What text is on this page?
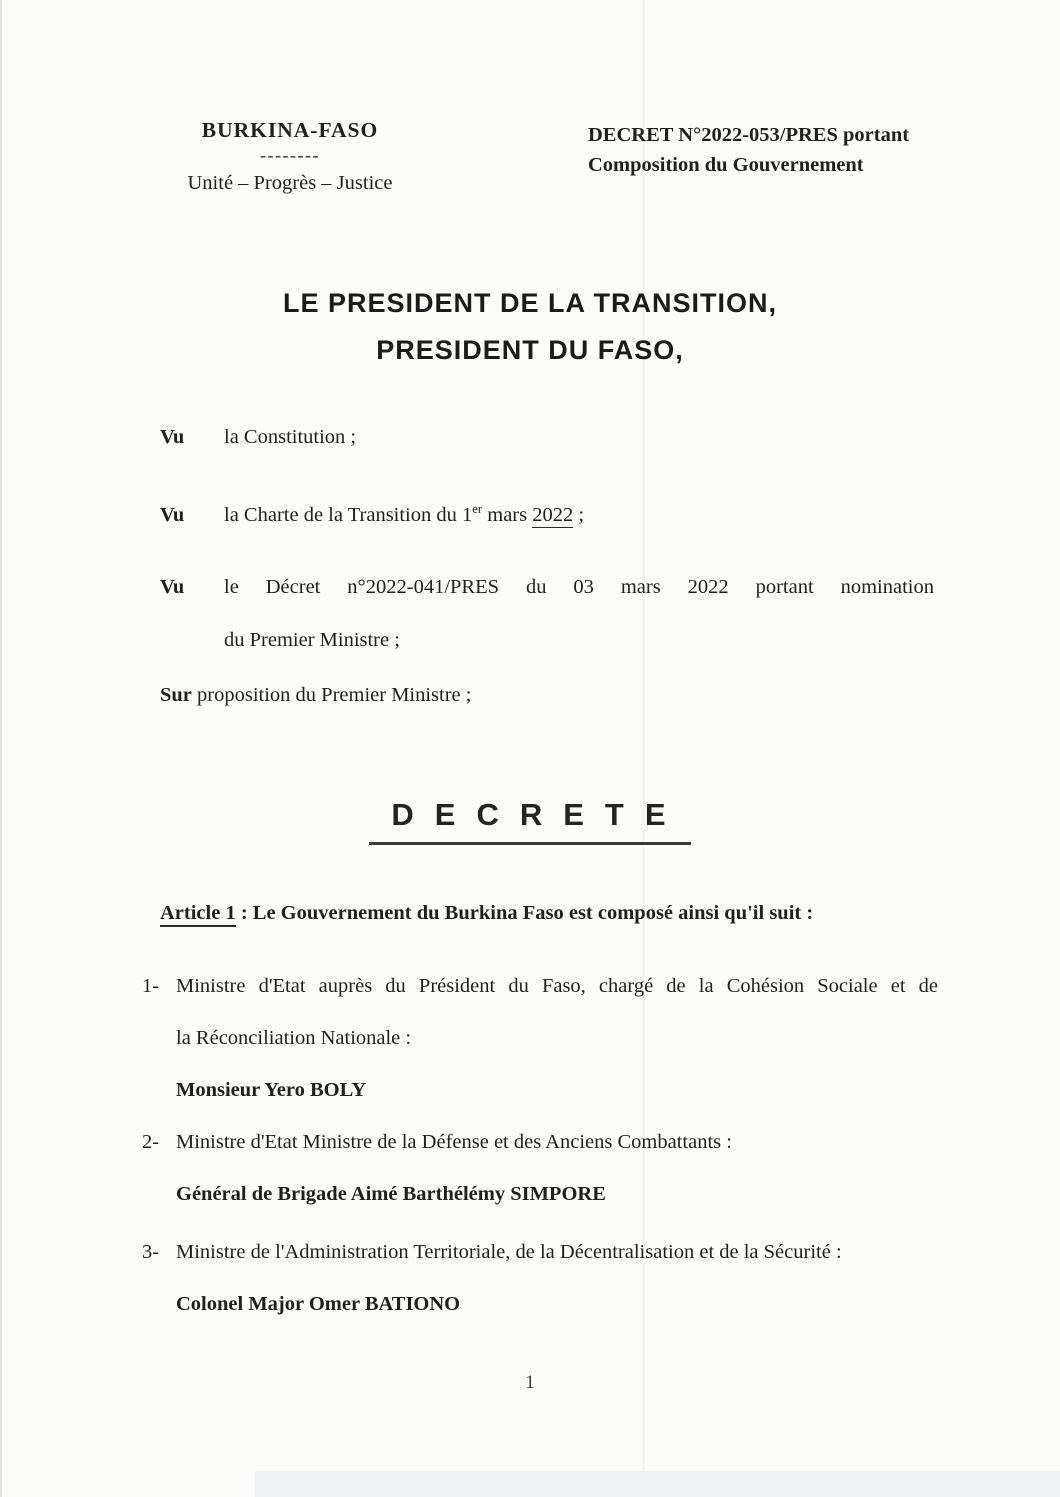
BURKINA-FASO
--------
Unité – Progrès – Justice
DECRET N°2022-053/PRES portant
Composition du Gouvernement
LE PRESIDENT DE LA TRANSITION,
PRESIDENT DU FASO,
Vu la Constitution ;
Vu la Charte de la Transition du 1er mars 2022 ;
Vu le Décret n°2022-041/PRES du 03 mars 2022 portant nomination
du Premier Ministre ;
Sur proposition du Premier Ministre ;
DECRETE
Article 1 : Le Gouvernement du Burkina Faso est composé ainsi qu'il suit :
1- Ministre d'Etat auprès du Président du Faso, chargé de la Cohésion Sociale et de
la Réconciliation Nationale :
Monsieur Yero BOLY
2- Ministre d'Etat Ministre de la Défense et des Anciens Combattants :
Général de Brigade Aimé Barthélémy SIMPORE
3- Ministre de l'Administration Territoriale, de la Décentralisation et de la Sécurité :
Colonel Major Omer BATIONO
1
